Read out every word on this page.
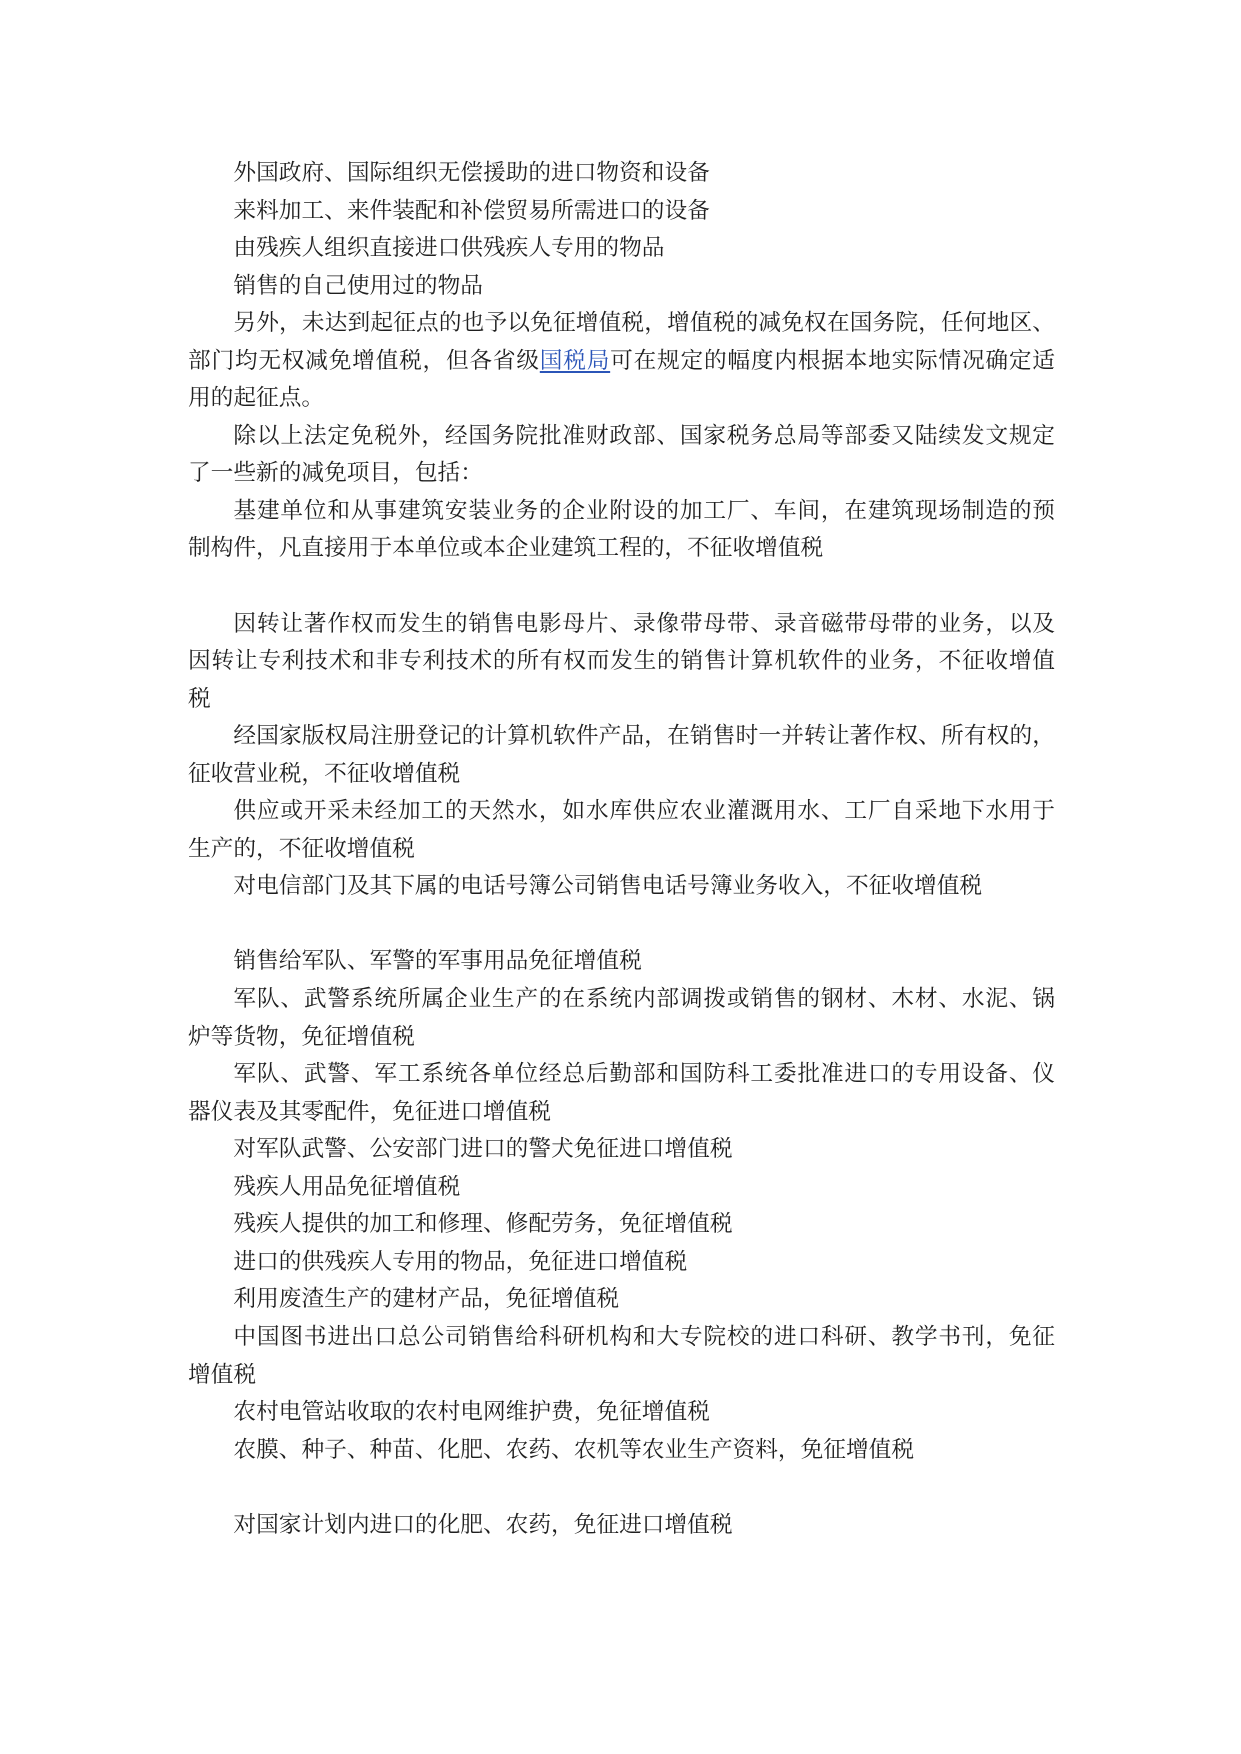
外国政府、国际组织无偿援助的进口物资和设备
来料加工、来件装配和补偿贸易所需进口的设备
由残疾人组织直接进口供残疾人专用的物品
销售的自己使用过的物品
另外，未达到起征点的也予以免征增值税，增值税的减免权在国务院，任何地区、
部门均无权减免增值税，但各省级国税局可在规定的幅度内根据本地实际情况确定适
用的起征点。
除以上法定免税外，经国务院批准财政部、国家税务总局等部委又陆续发文规定
了一些新的减免项目，包括：
基建单位和从事建筑安装业务的企业附设的加工厂、车间，在建筑现场制造的预
制构件，凡直接用于本单位或本企业建筑工程的，不征收增值税
因转让著作权而发生的销售电影母片、录像带母带、录音磁带母带的业务，以及
因转让专利技术和非专利技术的所有权而发生的销售计算机软件的业务，不征收增值
税
经国家版权局注册登记的计算机软件产品，在销售时一并转让著作权、所有权的，
征收营业税，不征收增值税
供应或开采未经加工的天然水，如水库供应农业灌溉用水、工厂自采地下水用于
生产的，不征收增值税
对电信部门及其下属的电话号簿公司销售电话号簿业务收入，不征收增值税
销售给军队、军警的军事用品免征增值税
军队、武警系统所属企业生产的在系统内部调拨或销售的钢材、木材、水泥、锅
炉等货物，免征增值税
军队、武警、军工系统各单位经总后勤部和国防科工委批准进口的专用设备、仪
器仪表及其零配件，免征进口增值税
对军队武警、公安部门进口的警犬免征进口增值税
残疾人用品免征增值税
残疾人提供的加工和修理、修配劳务，免征增值税
进口的供残疾人专用的物品，免征进口增值税
利用废渣生产的建材产品，免征增值税
中国图书进出口总公司销售给科研机构和大专院校的进口科研、教学书刊，免征
增值税
农村电管站收取的农村电网维护费，免征增值税
农膜、种子、种苗、化肥、农药、农机等农业生产资料，免征增值税
对国家计划内进口的化肥、农药，免征进口增值税
